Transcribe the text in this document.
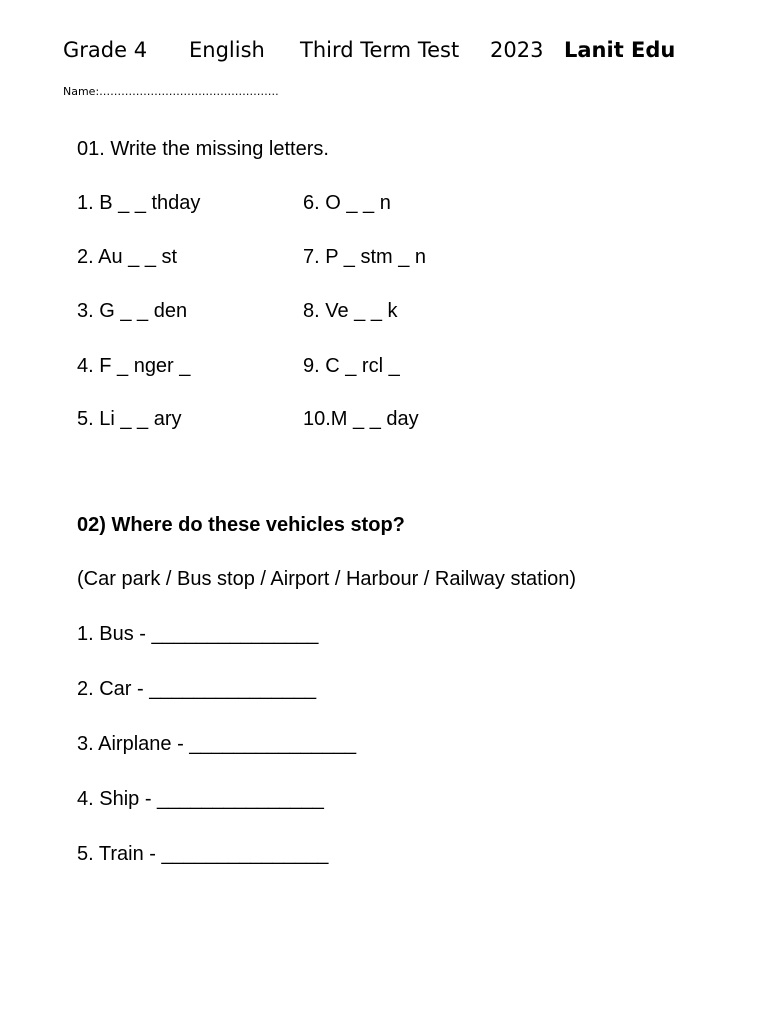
Grade 4 English Third Term Test 2023 Lanit Edu
Name:………………………………………….
01. Write the missing letters.
1. B _ _ thday
2. Au _ _ st
3. G _ _ den
4. F _ nger _
5. Li _ _ ary
6. O _ _ n
7. P _ stm _ n
8. Ve _ _ k
9. C _ rcl _
10.M _ _ day
02) Where do these vehicles stop?
(Car park / Bus stop / Airport / Harbour / Railway station)
1. Bus - _______________
2. Car - _______________
3. Airplane - _______________
4. Ship - _______________
5. Train - _______________
